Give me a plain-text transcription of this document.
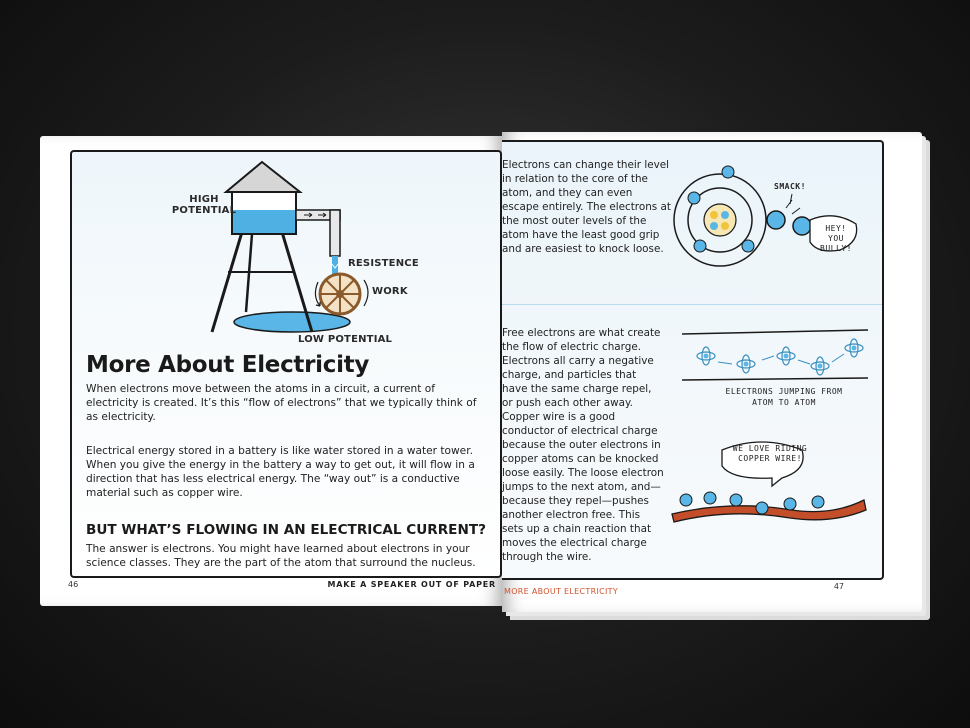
HIGH POTENTIAL
RESISTENCE
WORK
LOW POTENTIAL
More About Electricity

When electrons move between the atoms in a circuit, a current of electricity is created. It’s this “flow of electrons” that we typically think of as electricity.

Electrical energy stored in a battery is like water stored in a water tower. When you give the energy in the battery a way to get out, it will flow in a direction that has less electrical energy. The “way out” is a conductive material such as copper wire.

BUT WHAT’S FLOWING IN AN ELECTRICAL CURRENT?

The answer is electrons. You might have learned about electrons in your science classes. They are the part of the atom that surround the nucleus.

46	MAKE A SPEAKER OUT OF PAPER

Electrons can change their level in relation to the core of the atom, and they can even escape entirely. The electrons at the most outer levels of the atom have the least good grip and are easiest to knock loose.

SMACK!
HEY! YOU BULLY!

Free electrons are what create the flow of electric charge. Electrons all carry a negative charge, and particles that have the same charge repel, or push each other away. Copper wire is a good conductor of electrical charge because the outer electrons in copper atoms can be knocked loose easily. The loose electron jumps to the next atom, and—because they repel—pushes another electron free. This sets up a chain reaction that moves the electrical charge through the wire.

ELECTRONS JUMPING FROM ATOM TO ATOM
WE LOVE RIDING COPPER WIRE!
47
MORE ABOUT ELECTRICITY
